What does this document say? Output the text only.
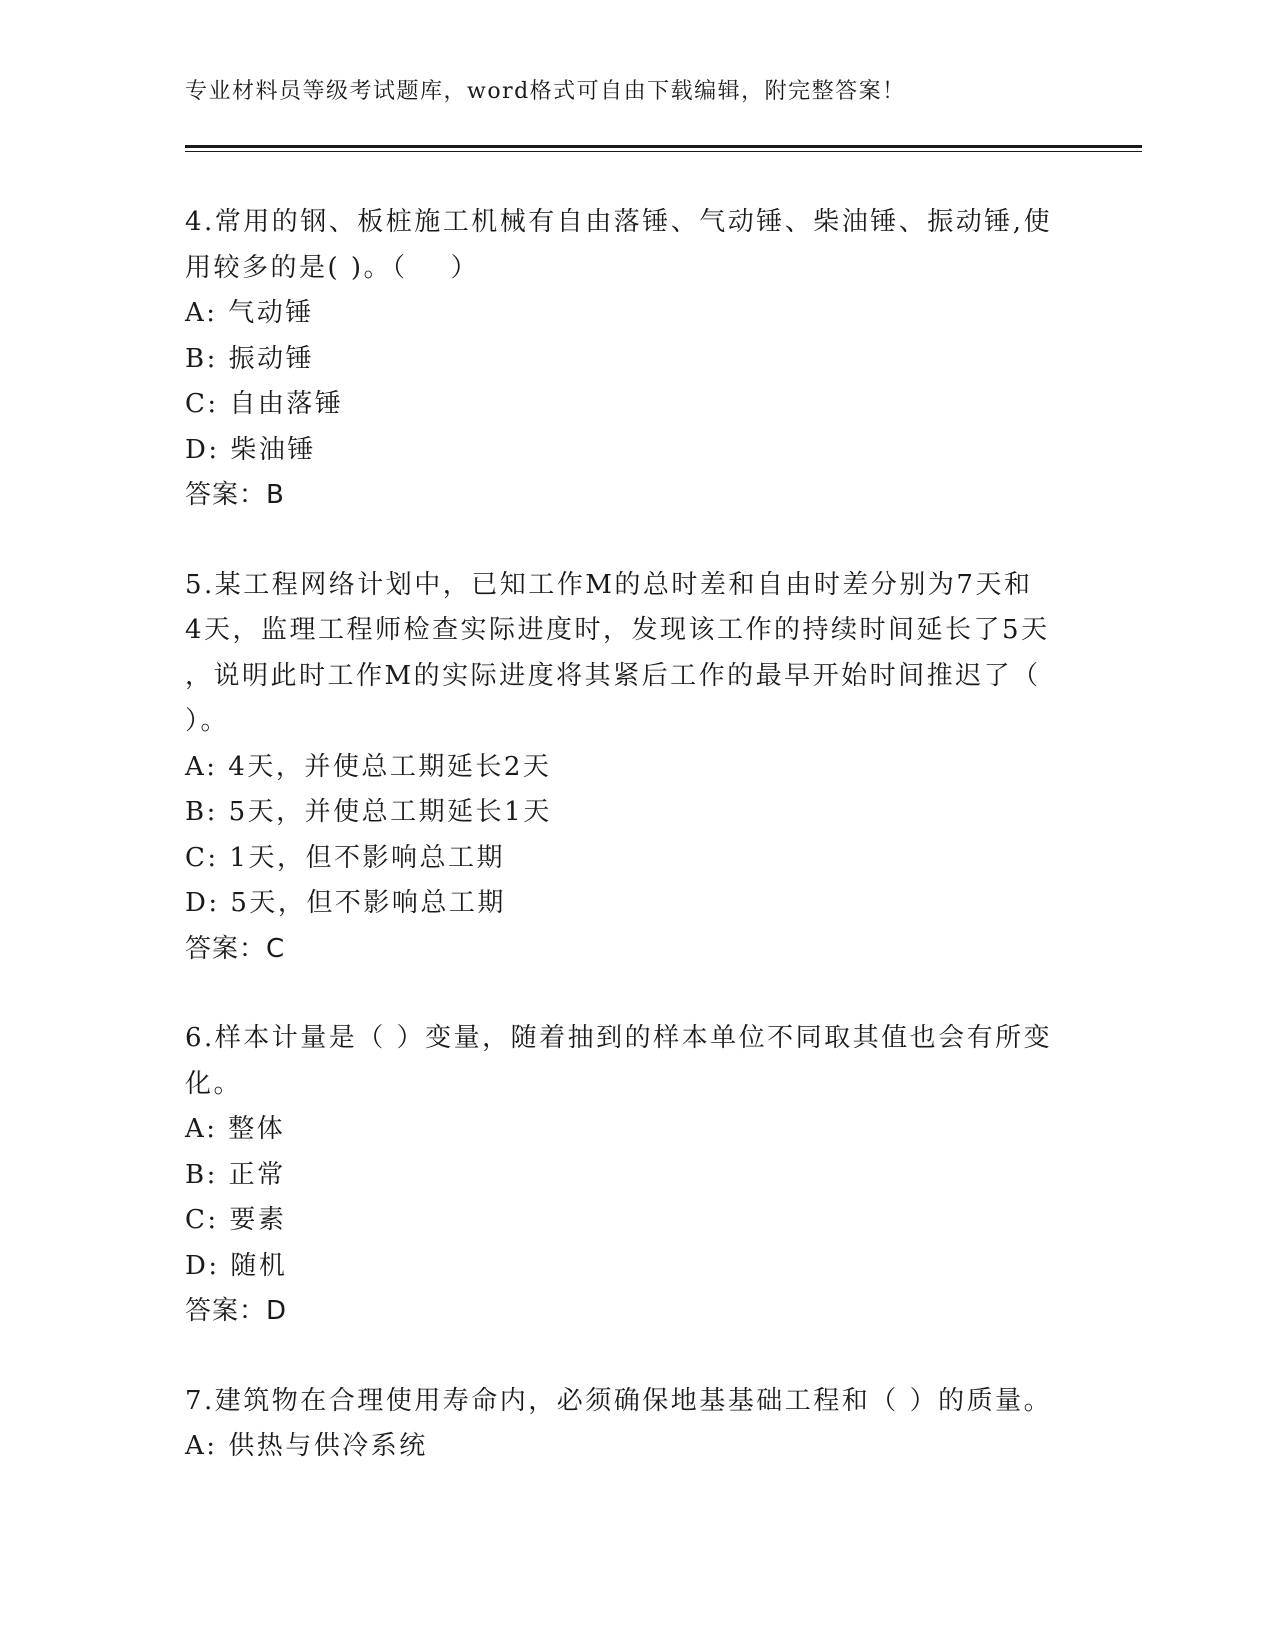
专业材料员等级考试题库，word格式可自由下载编辑，附完整答案！
4.常用的钢、板桩施工机械有自由落锤、气动锤、柴油锤、振动锤,使
用较多的是( )。（    ）
A: 气动锤
B: 振动锤
C: 自由落锤
D: 柴油锤
答案：B
5.某工程网络计划中，已知工作M的总时差和自由时差分别为7天和
4天，监理工程师检查实际进度时，发现该工作的持续时间延长了5天
，说明此时工作M的实际进度将其紧后工作的最早开始时间推迟了（
）。
A: 4天，并使总工期延长2天
B: 5天，并使总工期延长1天
C: 1天，但不影响总工期
D: 5天，但不影响总工期
答案：C
6.样本计量是（ ）变量，随着抽到的样本单位不同取其值也会有所变
化。
A: 整体
B: 正常
C: 要素
D: 随机
答案：D
7.建筑物在合理使用寿命内，必须确保地基基础工程和（ ）的质量。
A: 供热与供冷系统
